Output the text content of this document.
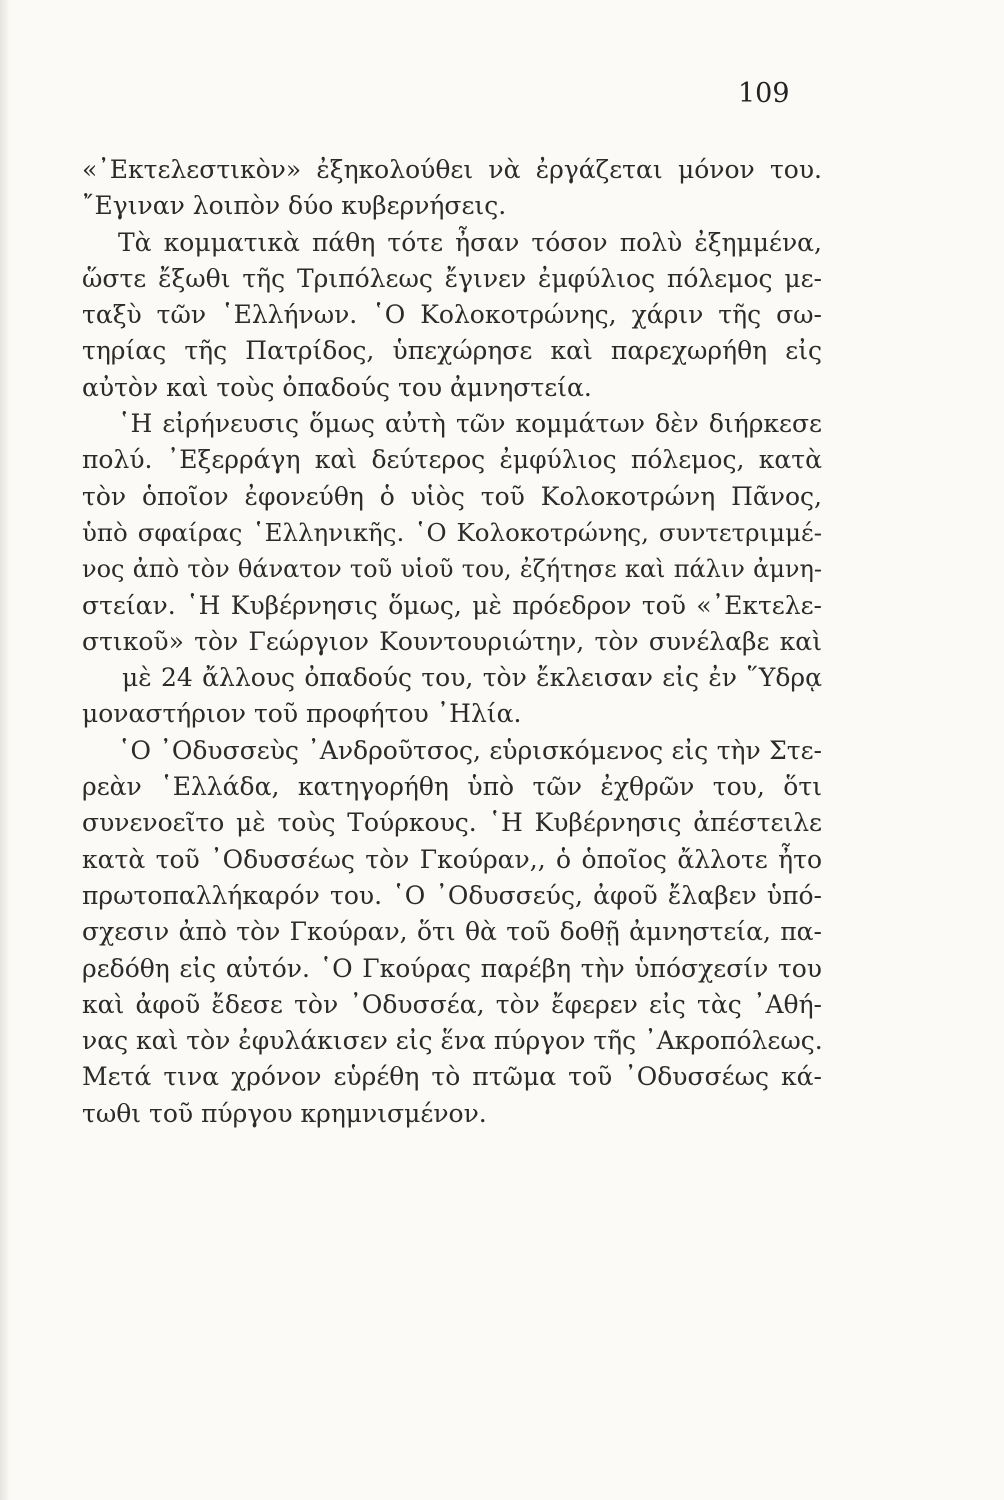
109
«᾽Εκτελεστικὸν» ἐξηκολούθει νὰ ἐργάζεται μόνον του.
῎Εγιναν λοιπὸν δύο κυβερνήσεις.
Τὰ κομματικὰ πάθη τότε ἦσαν τόσον πολὺ ἐξημμένα,
ὥστε ἔξωθι τῆς Τριπόλεως ἔγινεν ἐμφύλιος πόλεμος με-
ταξὺ τῶν ῾Ελλήνων. ῾Ο Κολοκοτρώνης, χάριν τῆς σω-
τηρίας τῆς Πατρίδος, ὑπεχώρησε καὶ παρεχωρήθη εἰς
αὐτὸν καὶ τοὺς ὀπαδούς του ἀμνηστεία.
῾Η εἰρήνευσις ὅμως αὐτὴ τῶν κομμάτων δὲν διήρκεσε
πολύ. ᾽Εξερράγη καὶ δεύτερος ἐμφύλιος πόλεμος, κατὰ
τὸν ὁποῖον ἐφονεύθη ὁ υἱὸς τοῦ Κολοκοτρώνη Πᾶνος,
ὑπὸ σφαίρας ῾Ελληνικῆς. ῾Ο Κολοκοτρώνης, συντετριμμέ-
νος ἀπὸ τὸν θάνατον τοῦ υἱοῦ του, ἐζήτησε καὶ πάλιν ἀμνη-
στείαν. ῾Η Κυβέρνησις ὅμως, μὲ πρόεδρον τοῦ «᾽Εκτελε-
στικοῦ» τὸν Γεώργιον Κουντουριώτην, τὸν συνέλαβε καὶ
μὲ 24 ἄλλους ὀπαδούς του, τὸν ἔκλεισαν εἰς ἐν ῞Υδρᾳ
μοναστήριον τοῦ προφήτου ᾽Ηλία.
῾Ο ᾽Οδυσσεὺς ᾽Ανδροῦτσος, εὑρισκόμενος εἰς τὴν Στε-
ρεὰν ῾Ελλάδα, κατηγορήθη ὑπὸ τῶν ἐχθρῶν του, ὅτι
συνενοεῖτο μὲ τοὺς Τούρκους. ῾Η Κυβέρνησις ἀπέστειλε
κατὰ τοῦ ᾽Οδυσσέως τὸν Γκούραν,, ὁ ὁποῖος ἄλλοτε ἦτο
πρωτοπαλλήκαρόν του. ῾Ο ᾽Οδυσσεύς, ἀφοῦ ἔλαβεν ὑπό-
σχεσιν ἀπὸ τὸν Γκούραν, ὅτι θὰ τοῦ δοθῇ ἀμνηστεία, πα-
ρεδόθη εἰς αὐτόν. ῾Ο Γκούρας παρέβη τὴν ὑπόσχεσίν του
καὶ ἀφοῦ ἔδεσε τὸν ᾽Οδυσσέα, τὸν ἔφερεν εἰς τὰς ᾽Αθή-
νας καὶ τὸν ἐφυλάκισεν εἰς ἕνα πύργον τῆς ᾽Ακροπόλεως.
Μετά τινα χρόνον εὑρέθη τὸ πτῶμα τοῦ ᾽Οδυσσέως κά-
τωθι τοῦ πύργου κρημνισμένον.
